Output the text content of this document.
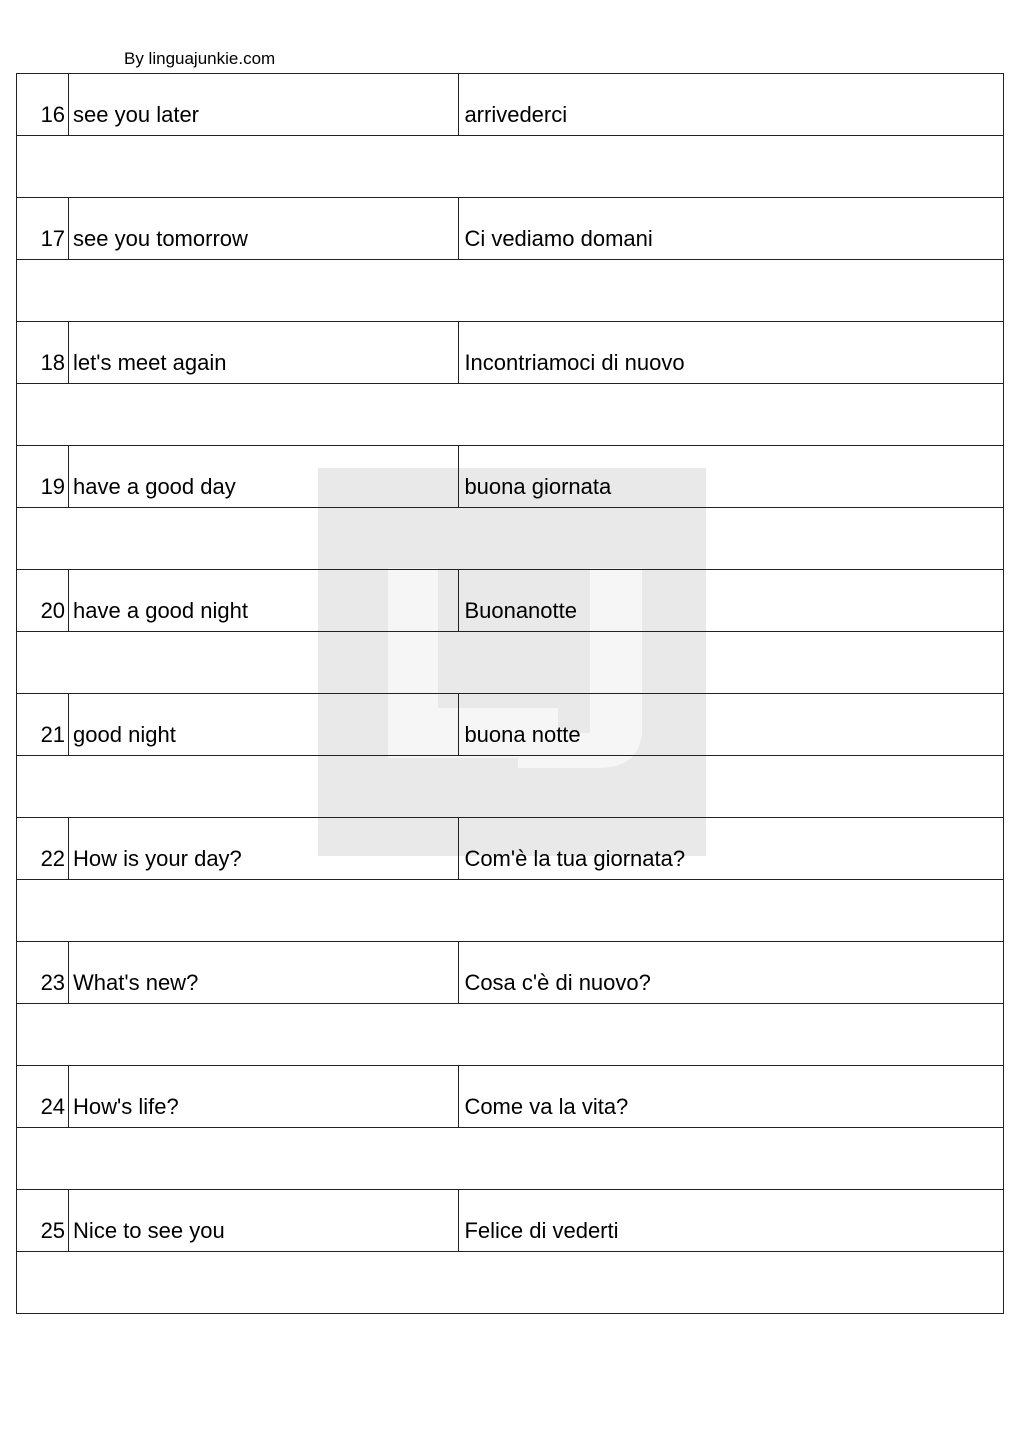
By linguajunkie.com
16	see you later	arrivederci

17	see you tomorrow	Ci vediamo domani

18	let's meet again	Incontriamoci di nuovo

19	have a good day	buona giornata

20	have a good night	Buonanotte

21	good night	buona notte

22	How is your day?	Com'è la tua giornata?

23	What's new?	Cosa c'è di nuovo?

24	How's life?	Come va la vita?

25	Nice to see you	Felice di vederti
